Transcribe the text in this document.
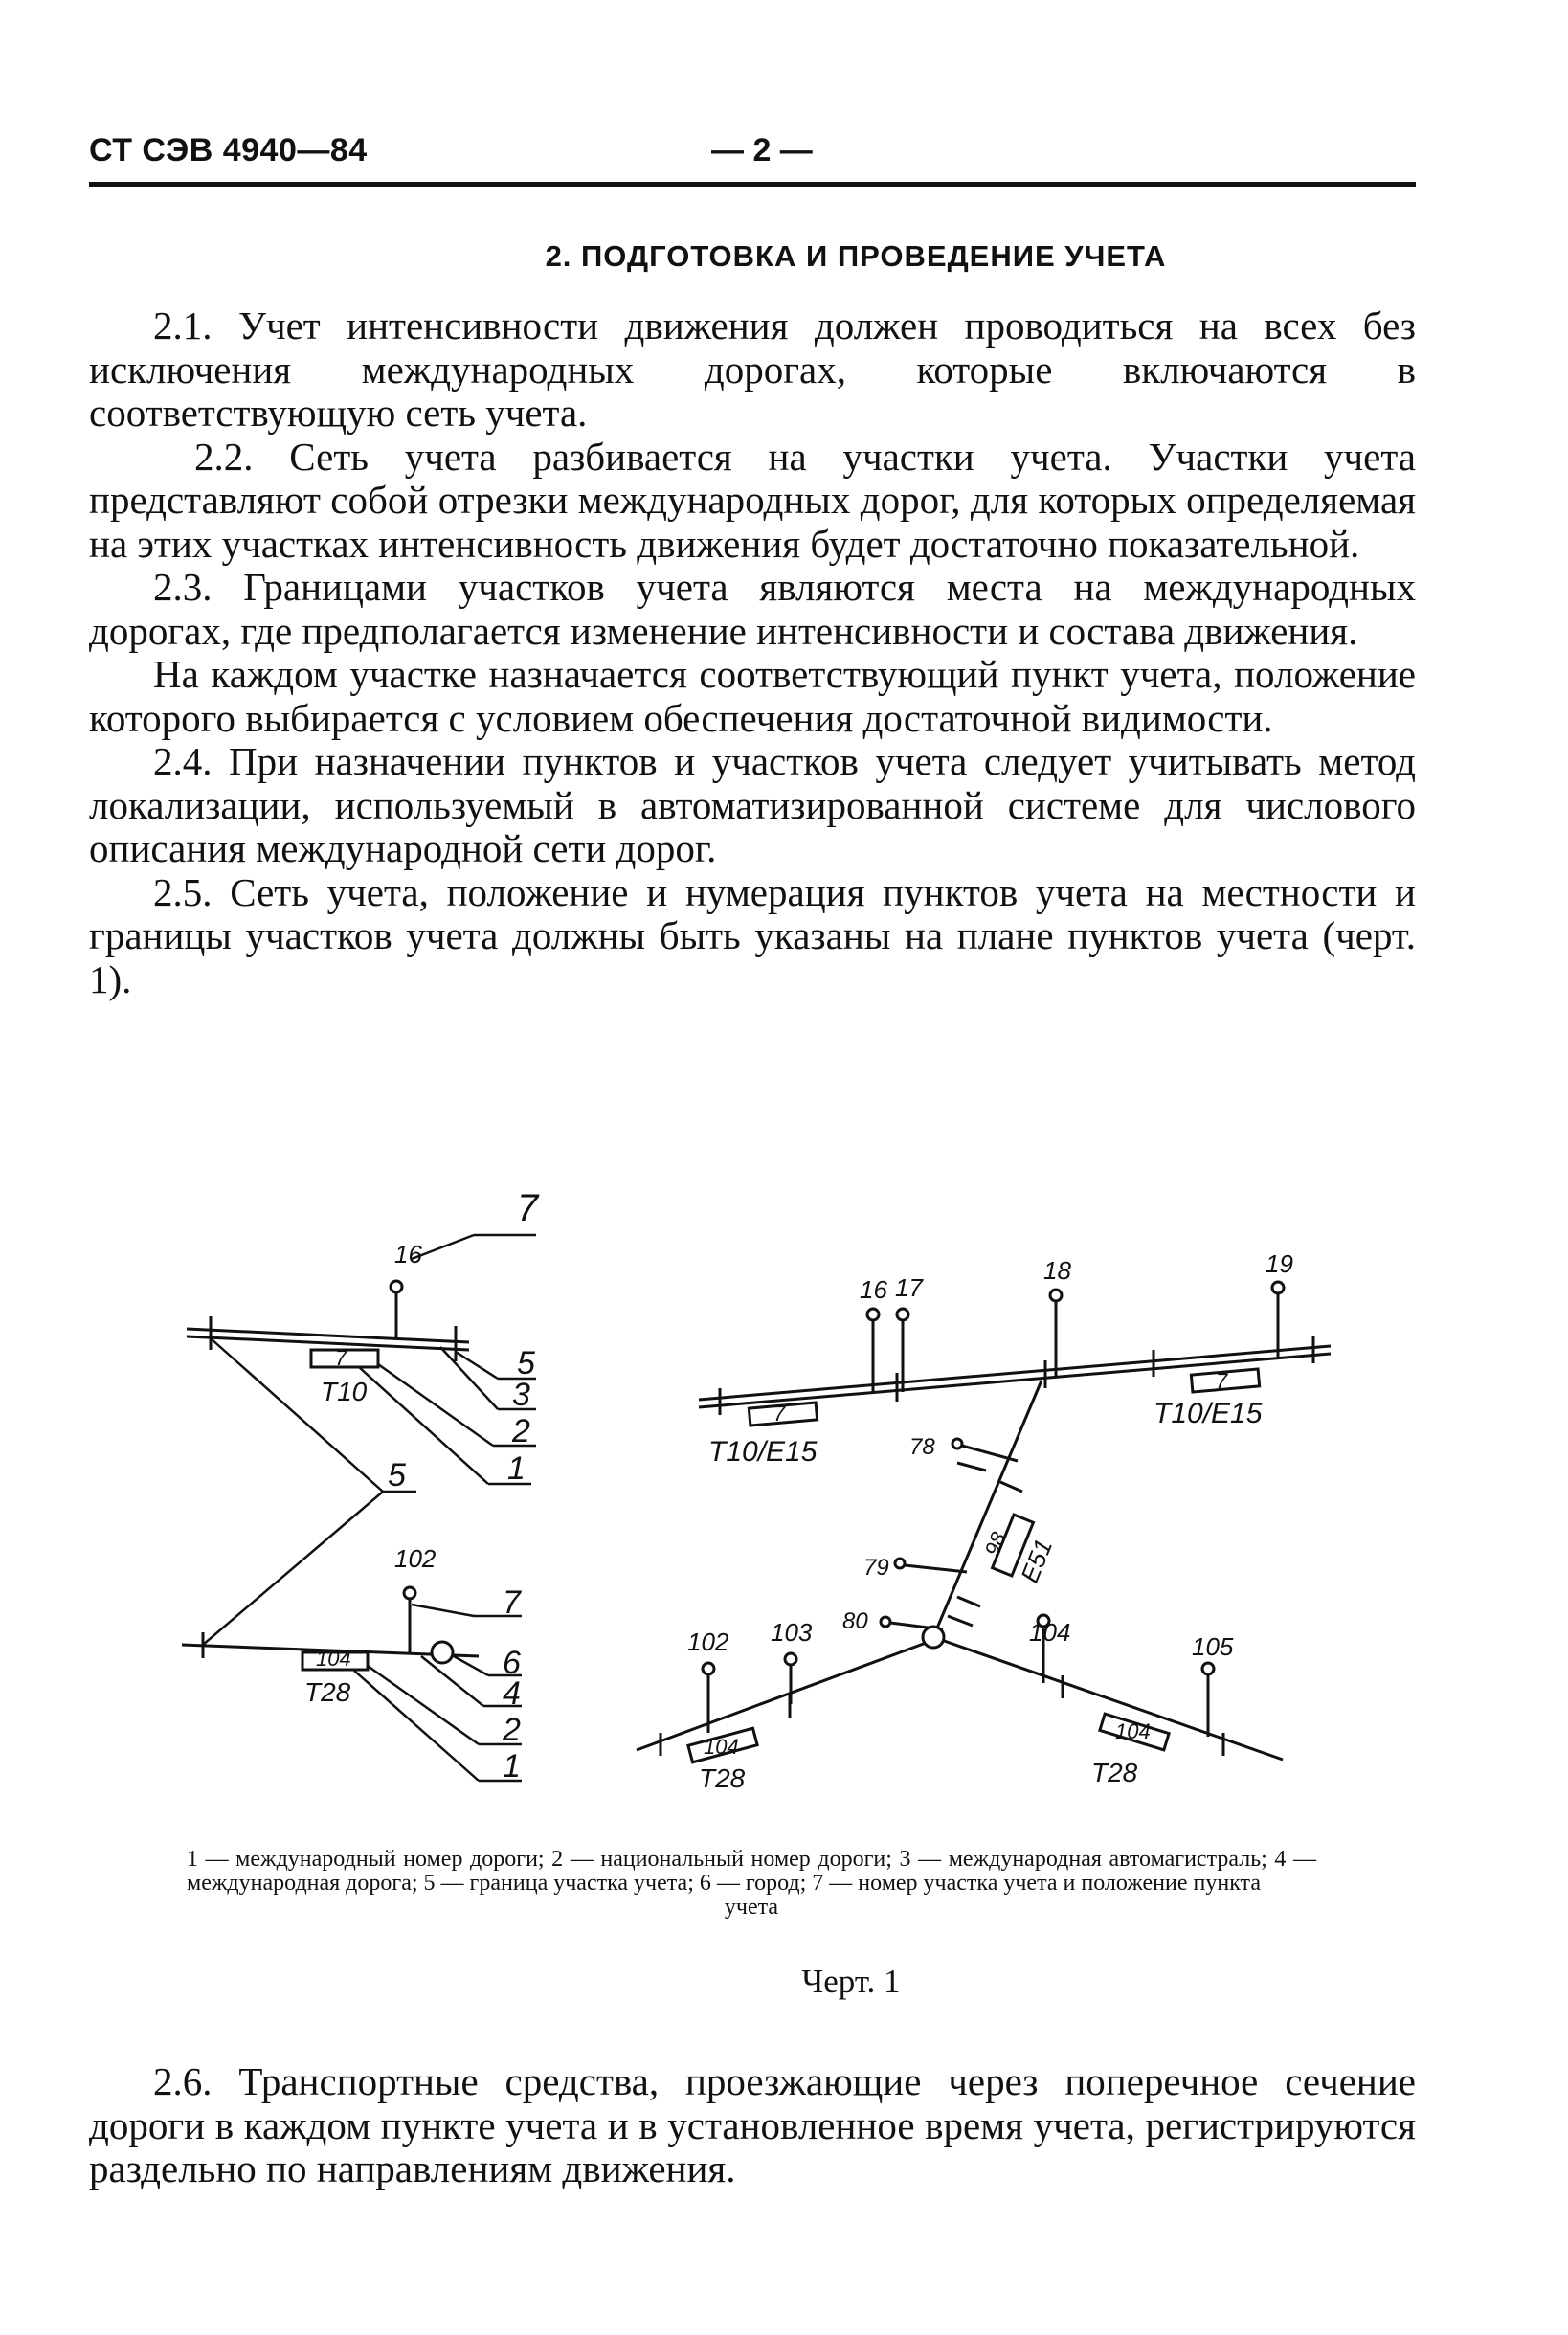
СТ СЭВ 4940—84	— 2 —
2. ПОДГОТОВКА И ПРОВЕДЕНИЕ УЧЕТА

2.1. Учет интенсивности движения должен проводиться на всех без исключения международных дорогах, которые включаются в соответствующую сеть учета.

2.2. Сеть учета разбивается на участки учета. Участки учета представляют собой отрезки международных дорог, для которых определяемая на этих участках интенсивность движения будет достаточно показательной.

2.3. Границами участков учета являются места на международных дорогах, где предполагается изменение интенсивности и состава движения.

На каждом участке назначается соответствующий пункт учета, положение которого выбирается с условием обеспечения достаточной видимости.

2.4. При назначении пунктов и участков учета следует учитывать метод локализации, используемый в автоматизированной системе для числового описания международной сети дорог.

2.5. Сеть учета, положение и нумерация пунктов учета на местности и границы участков учета должны быть указаны на плане пунктов учета (черт. 1).

7
16
7
T10
5
3
2
1
5
102
7
6
4
2
1
104
T28
16 17
18	19
7
T10/E15
7
T10/E15
78
79
80
98 E51
102 103	104	105
104
T28
104
T28
1 — международный номер дороги; 2 — национальный номер дороги; 3 — международная автомагистраль; 4 — международная дорога; 5 — граница участка учета; 6 — город; 7 — номер участка учета и положение пункта
учета
Черт. 1

2.6. Транспортные средства, проезжающие через поперечное сечение дороги в каждом пункте учета и в установленное время учета, регистрируются раздельно по направлениям движения.
